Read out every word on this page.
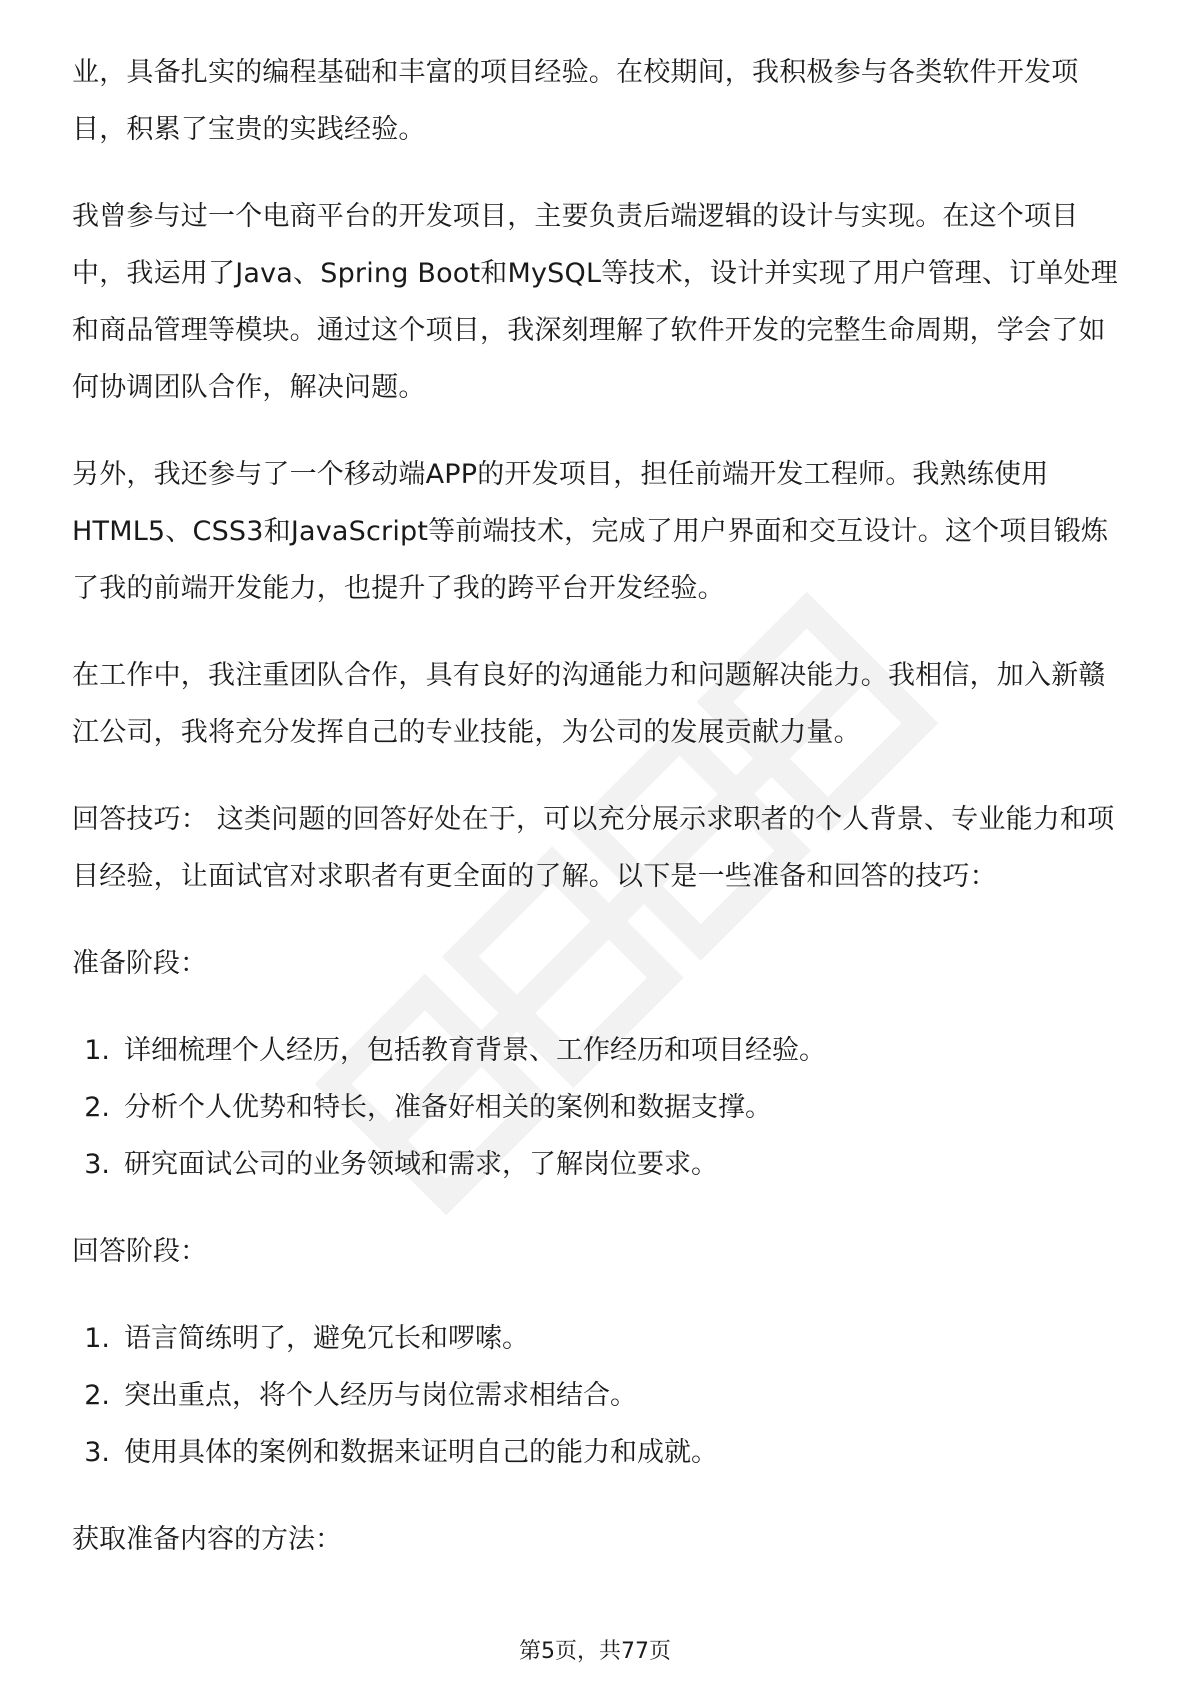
业，具备扎实的编程基础和丰富的项目经验。在校期间，我积极参与各类软件开发项目，积累了宝贵的实践经验。

我曾参与过一个电商平台的开发项目，主要负责后端逻辑的设计与实现。在这个项目中，我运用了Java、Spring Boot和MySQL等技术，设计并实现了用户管理、订单处理和商品管理等模块。通过这个项目，我深刻理解了软件开发的完整生命周期，学会了如何协调团队合作，解决问题。

另外，我还参与了一个移动端APP的开发项目，担任前端开发工程师。我熟练使用HTML5、CSS3和JavaScript等前端技术，完成了用户界面和交互设计。这个项目锻炼了我的前端开发能力，也提升了我的跨平台开发经验。

在工作中，我注重团队合作，具有良好的沟通能力和问题解决能力。我相信，加入新赣江公司，我将充分发挥自己的专业技能，为公司的发展贡献力量。

回答技巧： 这类问题的回答好处在于，可以充分展示求职者的个人背景、专业能力和项目经验，让面试官对求职者有更全面的了解。以下是一些准备和回答的技巧：

准备阶段：
1. 详细梳理个人经历，包括教育背景、工作经历和项目经验。
2. 分析个人优势和特长，准备好相关的案例和数据支撑。
3. 研究面试公司的业务领域和需求，了解岗位要求。
回答阶段：
1. 语言简练明了，避免冗长和啰嗦。
2. 突出重点，将个人经历与岗位需求相结合。
3. 使用具体的案例和数据来证明自己的能力和成就。
获取准备内容的方法：
第5页，共77页
